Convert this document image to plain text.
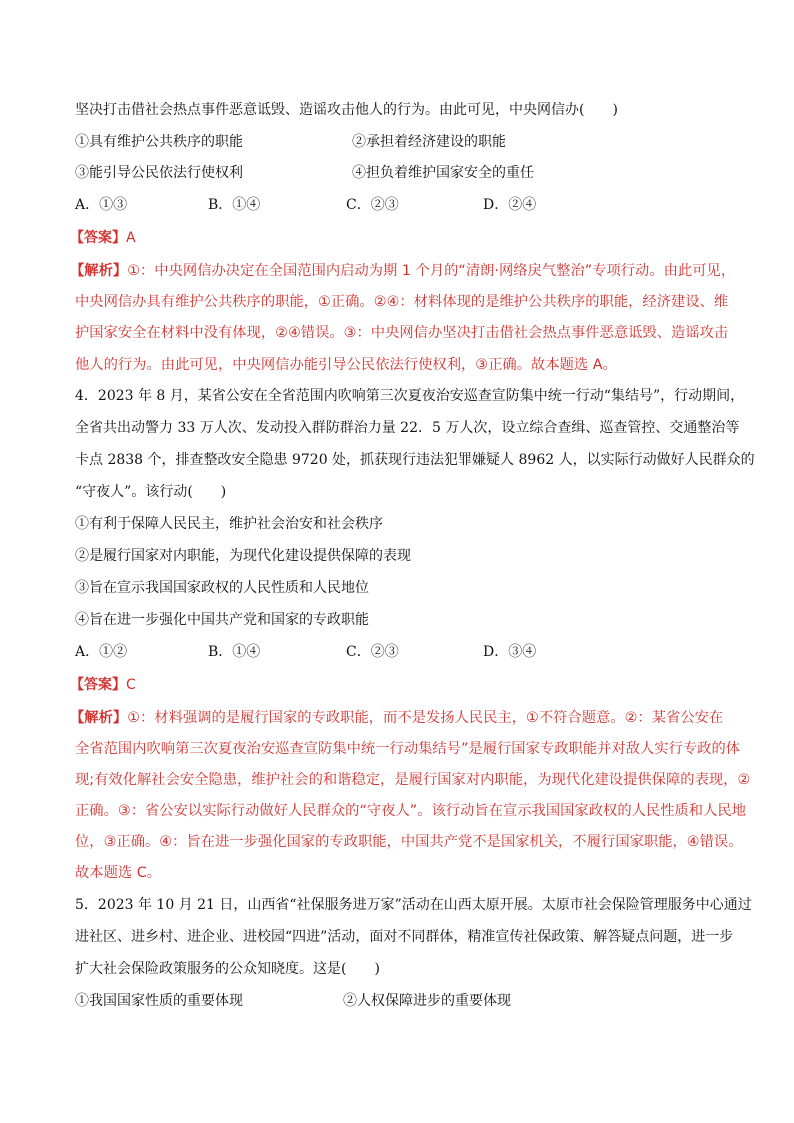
坚决打击借社会热点事件恶意诋毁、造谣攻击他人的行为。由此可见，中央网信办(　　)
①具有维护公共秩序的职能	②承担着经济建设的职能
③能引导公民依法行使权利	④担负着维护国家安全的重任
A．①③	B．①④	C．②③	D．②④
【答案】A
【解析】①：中央网信办决定在全国范围内启动为期 1 个月的“清朗·网络戾气整治”专项行动。由此可见，
中央网信办具有维护公共秩序的职能，①正确。②④：材料体现的是维护公共秩序的职能，经济建设、维
护国家安全在材料中没有体现，②④错误。③：中央网信办坚决打击借社会热点事件恶意诋毁、造谣攻击
他人的行为。由此可见，中央网信办能引导公民依法行使权利，③正确。故本题选 A。
4．2023 年 8 月，某省公安在全省范围内吹响第三次夏夜治安巡查宣防集中统一行动“集结号”，行动期间，
全省共出动警力 33 万人次、发动投入群防群治力量 22．5 万人次，设立综合查缉、巡查管控、交通整治等
卡点 2838 个，排查整改安全隐患 9720 处，抓获现行违法犯罪嫌疑人 8962 人，以实际行动做好人民群众的
“守夜人”。该行动(　　)
①有利于保障人民民主，维护社会治安和社会秩序
②是履行国家对内职能，为现代化建设提供保障的表现
③旨在宣示我国国家政权的人民性质和人民地位
④旨在进一步强化中国共产党和国家的专政职能
A．①②	B．①④	C．②③	D．③④
【答案】C
【解析】①：材料强调的是履行国家的专政职能，而不是发扬人民民主，①不符合题意。②：某省公安在
全省范围内吹响第三次夏夜治安巡查宣防集中统一行动集结号”是履行国家专政职能并对敌人实行专政的体
现;有效化解社会安全隐患，维护社会的和谐稳定，是履行国家对内职能，为现代化建设提供保障的表现，②
正确。③：省公安以实际行动做好人民群众的“守夜人”。该行动旨在宣示我国国家政权的人民性质和人民地
位，③正确。④：旨在进一步强化国家的专政职能，中国共产党不是国家机关，不履行国家职能，④错误。
故本题选 C。
5．2023 年 10 月 21 日，山西省“社保服务进万家”活动在山西太原开展。太原市社会保险管理服务中心通过
进社区、进乡村、进企业、进校园“四进”活动，面对不同群体，精准宣传社保政策、解答疑点问题，进一步
扩大社会保险政策服务的公众知晓度。这是(　　)
①我国国家性质的重要体现	②人权保障进步的重要体现
